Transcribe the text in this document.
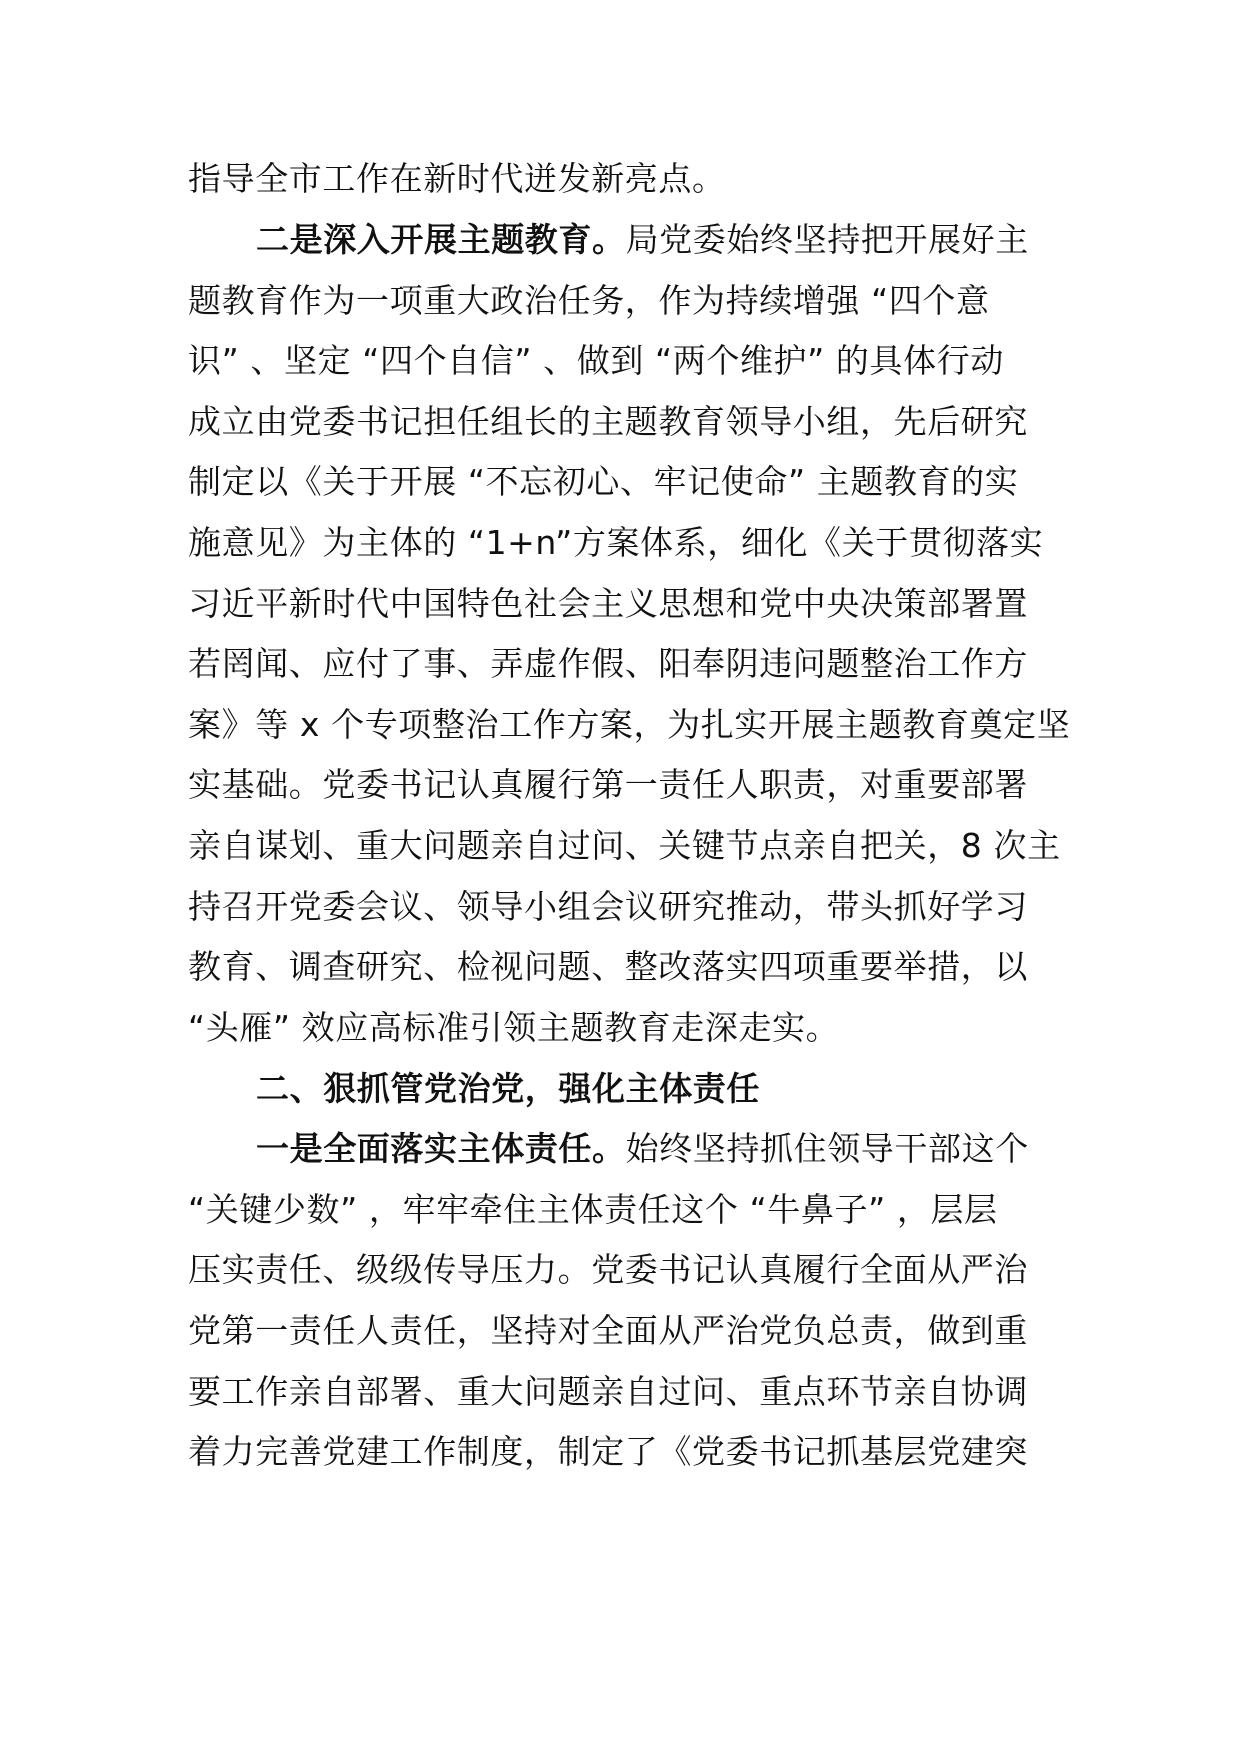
指导全市工作在新时代迸发新亮点。
二是深入开展主题教育。局党委始终坚持把开展好主
题教育作为一项重大政治任务，作为持续增强 “四个意
识” 、坚定 “四个自信” 、做到 “两个维护” 的具体行动
成立由党委书记担任组长的主题教育领导小组，先后研究
制定以《关于开展 “不忘初心、牢记使命” 主题教育的实
施意见》为主体的 “1+n”方案体系，细化《关于贯彻落实
习近平新时代中国特色社会主义思想和党中央决策部署置
若罔闻、应付了事、弄虚作假、阳奉阴违问题整治工作方
案》等 x 个专项整治工作方案，为扎实开展主题教育奠定坚
实基础。党委书记认真履行第一责任人职责，对重要部署
亲自谋划、重大问题亲自过问、关键节点亲自把关，8 次主
持召开党委会议、领导小组会议研究推动，带头抓好学习
教育、调查研究、检视问题、整改落实四项重要举措，以
“头雁” 效应高标准引领主题教育走深走实。
二、狠抓管党治党，强化主体责任
一是全面落实主体责任。始终坚持抓住领导干部这个
“关键少数” ，牢牢牵住主体责任这个 “牛鼻子” ，层层
压实责任、级级传导压力。党委书记认真履行全面从严治
党第一责任人责任，坚持对全面从严治党负总责，做到重
要工作亲自部署、重大问题亲自过问、重点环节亲自协调
着力完善党建工作制度，制定了《党委书记抓基层党建突
